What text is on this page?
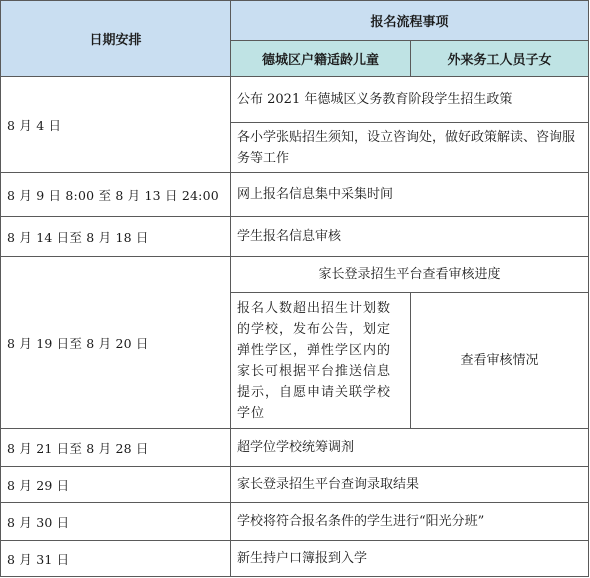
日期安排	报名流程事项	
	德城区户籍适龄儿童	外来务工人员子女
8 月 4 日	公布 2021 年德城区义务教育阶段学生招生政策	
	各小学张贴招生须知，设立咨询处，做好政策解读、咨询服务等工作	
8 月 9 日 8:00 至 8 月 13 日 24:00	网上报名信息集中采集时间	
8 月 14 日至 8 月 18 日	学生报名信息审核	
8 月 19 日至 8 月 20 日	家长登录招生平台查看审核进度	
	报名人数超出招生计划数的学校，发布公告，划定弹性学区，弹性学区内的家长可根据平台推送信息提示，自愿申请关联学校学位	查看审核情况
8 月 21 日至 8 月 28 日	超学位学校统筹调剂	
8 月 29 日	家长登录招生平台查询录取结果	
8 月 30 日	学校将符合报名条件的学生进行“阳光分班”	
8 月 31 日	新生持户口簿报到入学	
